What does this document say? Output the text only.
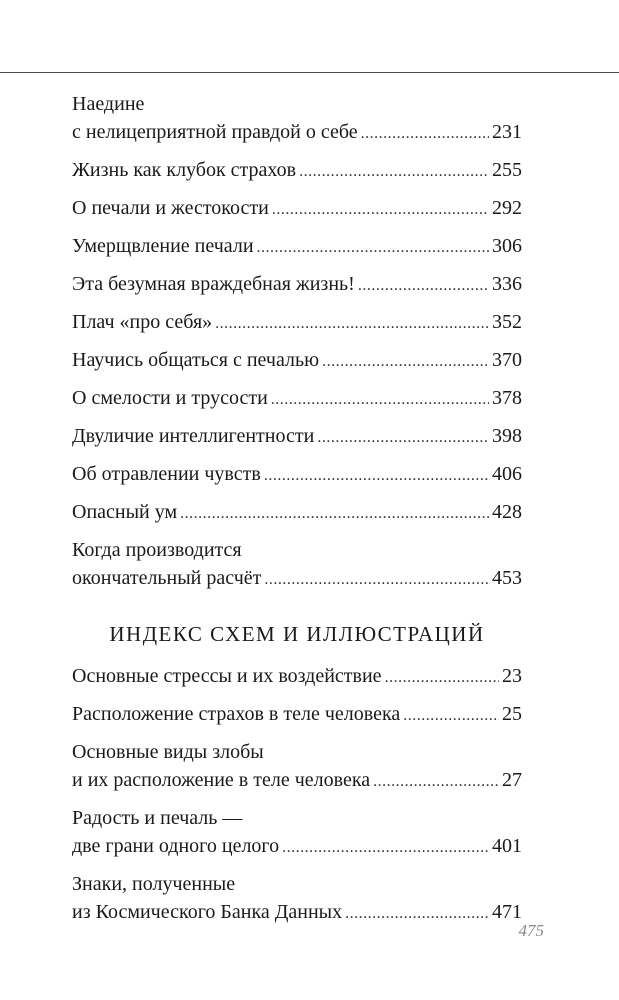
Наедине
с нелицеприятной правдой о себе .....	231
Жизнь как клубок страхов .....	255
О печали и жестокости .....	292
Умерщвление печали .....	306
Эта безумная враждебная жизнь! .....	336
Плач «про себя» .....	352
Научись общаться с печалью .....	370
О смелости и трусости .....	378
Двуличие интеллигентности .....	398
Об отравлении чувств .....	406
Опасный ум .....	428
Когда производится
окончательный расчёт .....	453
ИНДЕКС СХЕМ И ИЛЛЮСТРАЦИЙ
Основные стрессы и их воздействие .....	23
Расположение страхов в теле человека .....	25
Основные виды злобы
и их расположение в теле человека .....	27
Радость и печаль —
две грани одного целого .....	401
Знаки, полученные
из Космического Банка Данных .....	471
475
